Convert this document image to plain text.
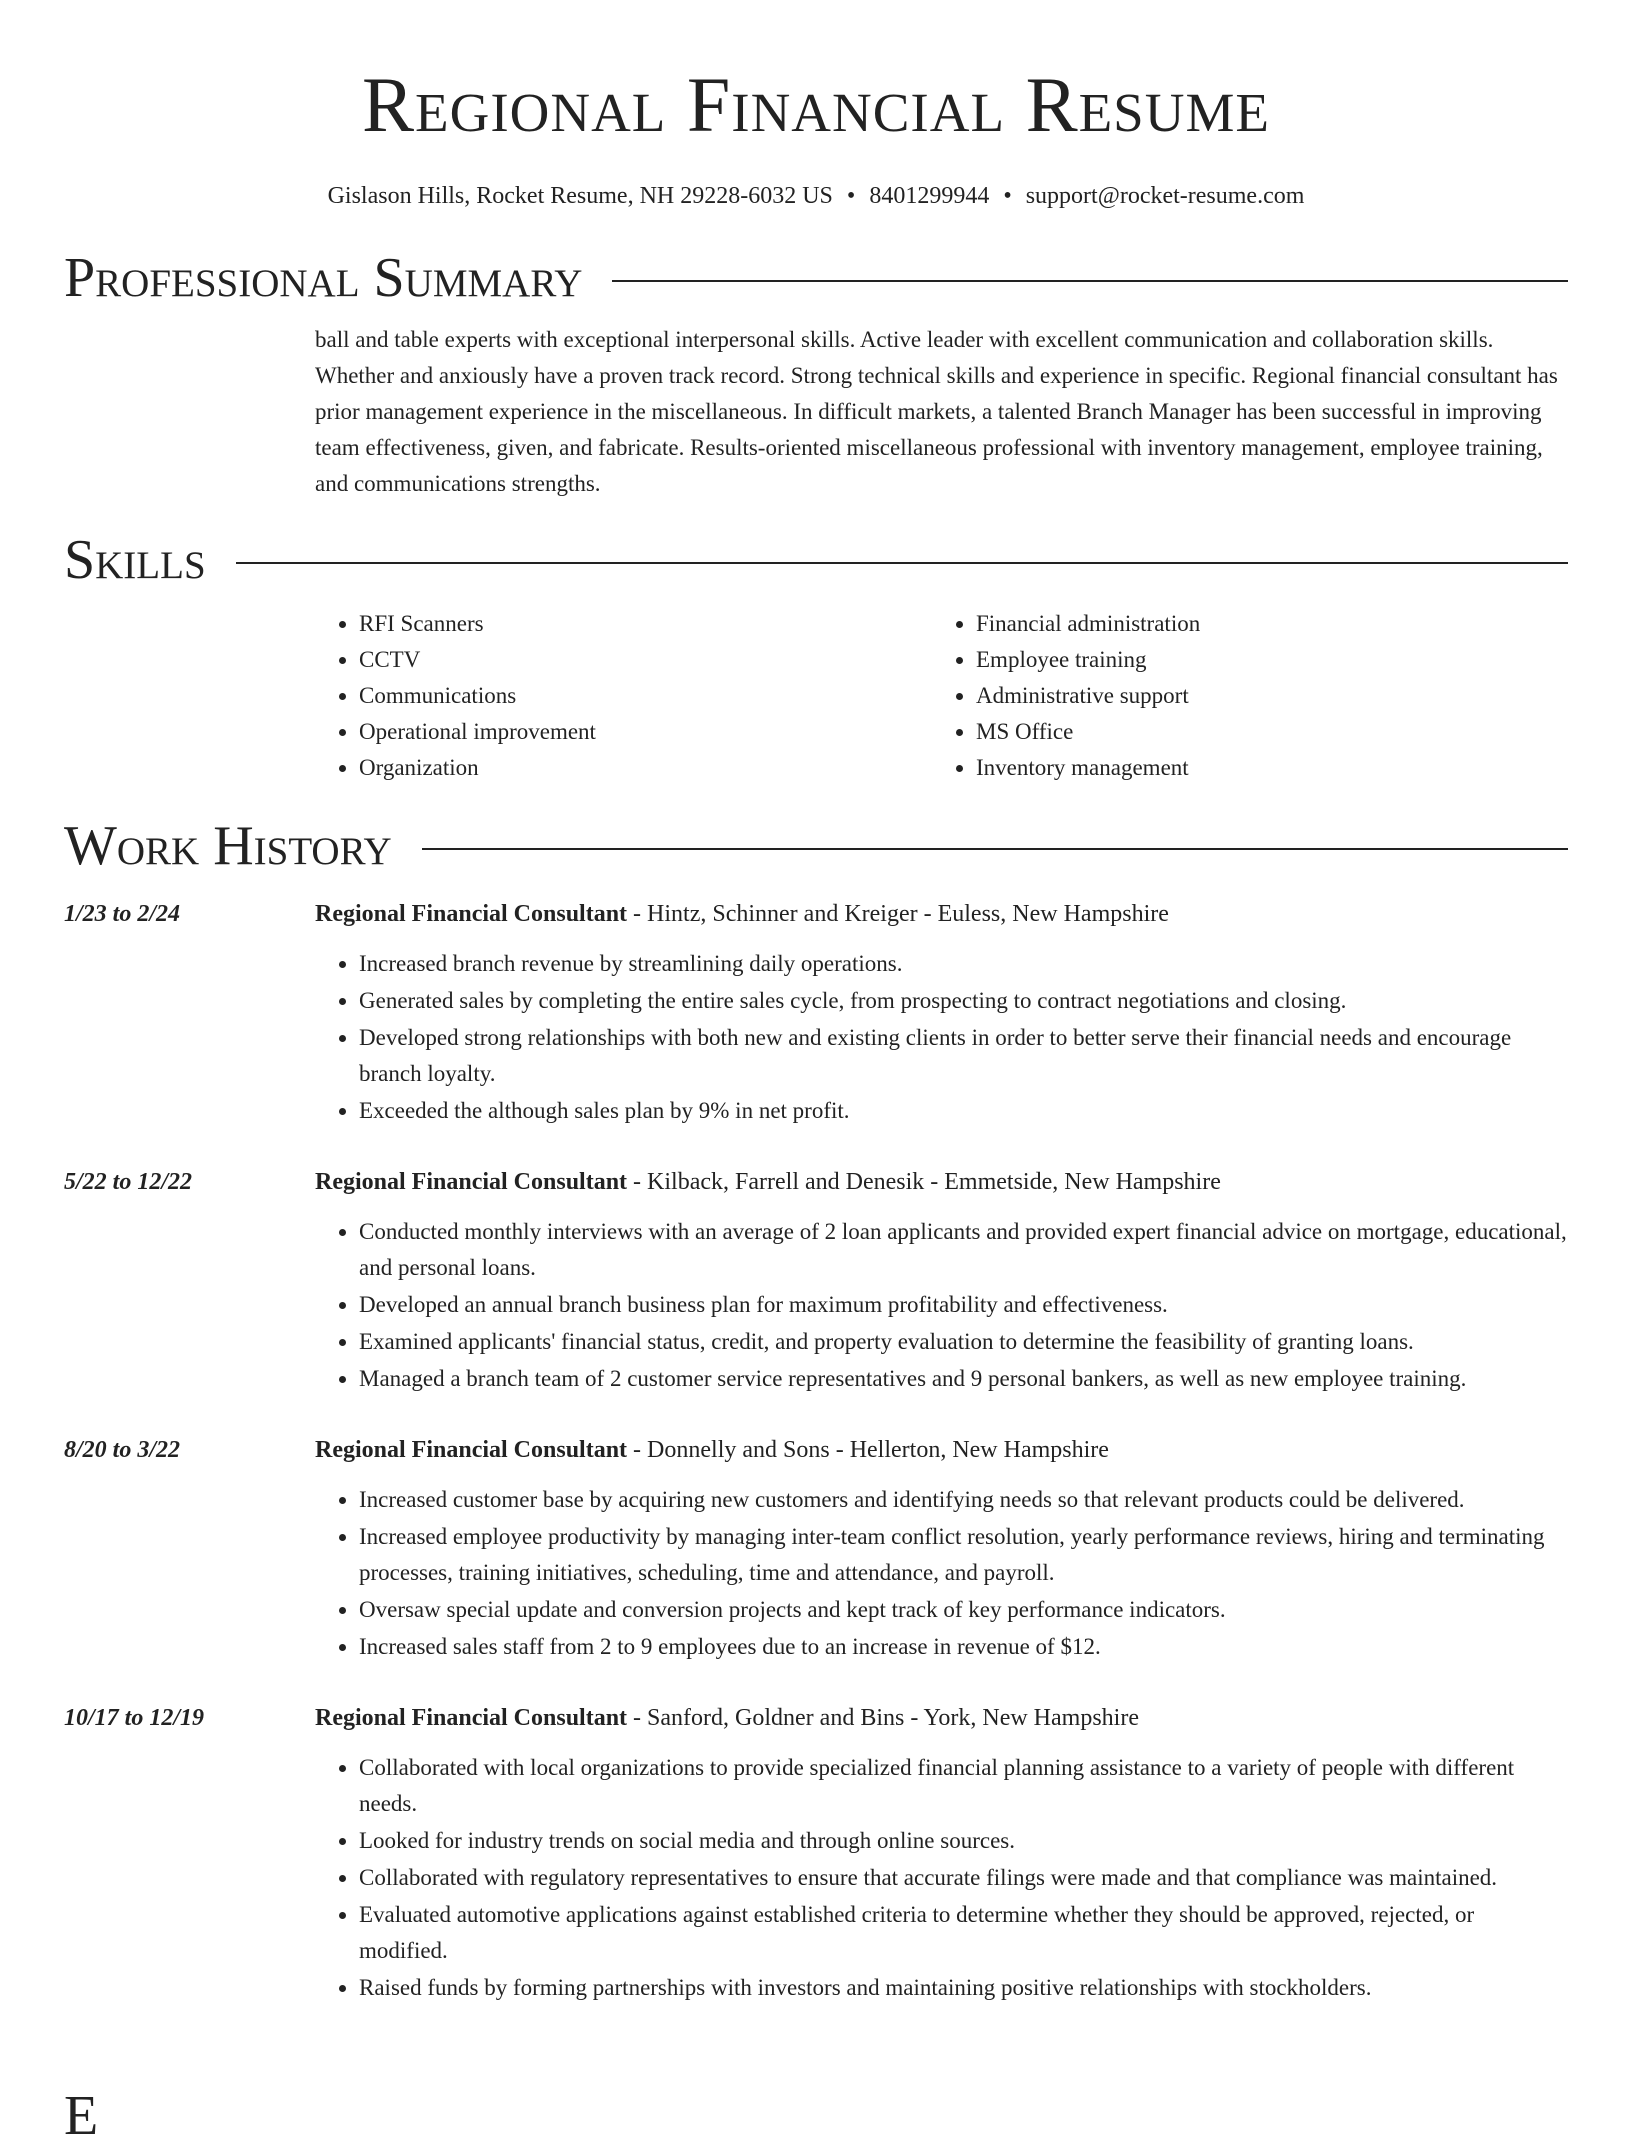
Regional Financial Resume
Gislason Hills, Rocket Resume, NH 29228-6032 US • 8401299944 • support@rocket-resume.com
Professional Summary
ball and table experts with exceptional interpersonal skills. Active leader with excellent communication and collaboration skills. Whether and anxiously have a proven track record. Strong technical skills and experience in specific. Regional financial consultant has prior management experience in the miscellaneous. In difficult markets, a talented Branch Manager has been successful in improving team effectiveness, given, and fabricate. Results-oriented miscellaneous professional with inventory management, employee training, and communications strengths.
Skills
• RFI Scanners
• CCTV
• Communications
• Operational improvement
• Organization
• Financial administration
• Employee training
• Administrative support
• MS Office
• Inventory management
Work History
1/23 to 2/24	Regional Financial Consultant - Hintz, Schinner and Kreiger - Euless, New Hampshire
• Increased branch revenue by streamlining daily operations.
• Generated sales by completing the entire sales cycle, from prospecting to contract negotiations and closing.
• Developed strong relationships with both new and existing clients in order to better serve their financial needs and encourage branch loyalty.
• Exceeded the although sales plan by 9% in net profit.
5/22 to 12/22	Regional Financial Consultant - Kilback, Farrell and Denesik - Emmetside, New Hampshire
• Conducted monthly interviews with an average of 2 loan applicants and provided expert financial advice on mortgage, educational, and personal loans.
• Developed an annual branch business plan for maximum profitability and effectiveness.
• Examined applicants' financial status, credit, and property evaluation to determine the feasibility of granting loans.
• Managed a branch team of 2 customer service representatives and 9 personal bankers, as well as new employee training.
8/20 to 3/22	Regional Financial Consultant - Donnelly and Sons - Hellerton, New Hampshire
• Increased customer base by acquiring new customers and identifying needs so that relevant products could be delivered.
• Increased employee productivity by managing inter-team conflict resolution, yearly performance reviews, hiring and terminating processes, training initiatives, scheduling, time and attendance, and payroll.
• Oversaw special update and conversion projects and kept track of key performance indicators.
• Increased sales staff from 2 to 9 employees due to an increase in revenue of $12.
10/17 to 12/19	Regional Financial Consultant - Sanford, Goldner and Bins - York, New Hampshire
• Collaborated with local organizations to provide specialized financial planning assistance to a variety of people with different needs.
• Looked for industry trends on social media and through online sources.
• Collaborated with regulatory representatives to ensure that accurate filings were made and that compliance was maintained.
• Evaluated automotive applications against established criteria to determine whether they should be approved, rejected, or modified.
• Raised funds by forming partnerships with investors and maintaining positive relationships with stockholders.
E
